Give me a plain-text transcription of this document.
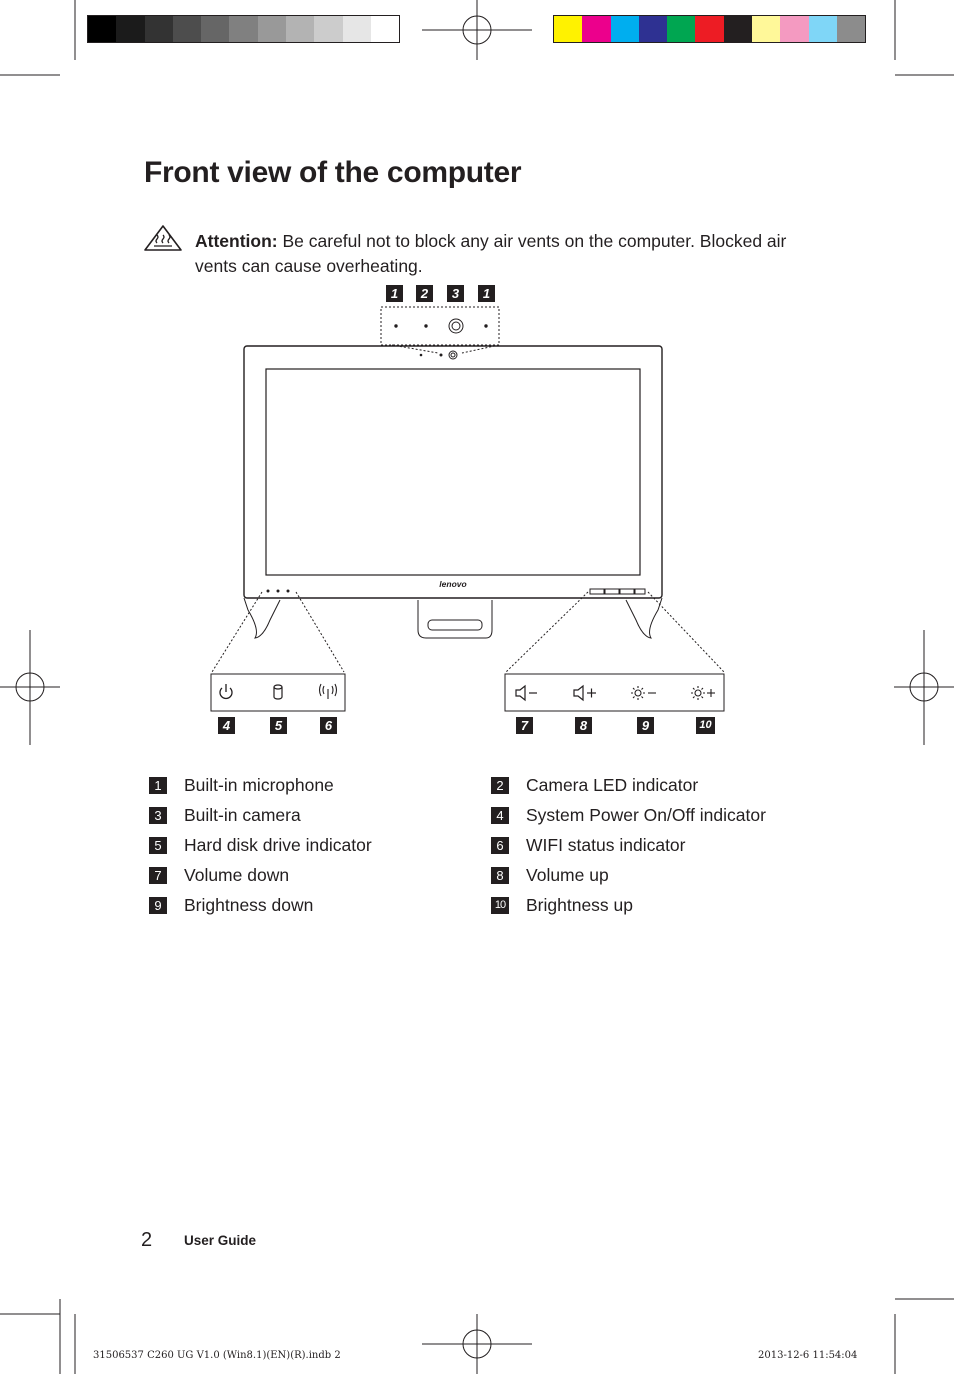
Front view of the computer
Attention: Be careful not to block any air vents on the computer. Blocked air vents can cause overheating.
lenovo
1	2	3	1
4	5	6	7	8	9	10
1	Built-in microphone	2	Camera LED indicator
3	Built-in camera	4	System Power On/Off indicator
5	Hard disk drive indicator	6	WIFI status indicator
7	Volume down	8	Volume up
9	Brightness down	10 Brightness up
2 User Guide
31506537 C260 UG V1.0 (Win8.1)(EN)(R).indb 2	2013-12-6 11:54:04
